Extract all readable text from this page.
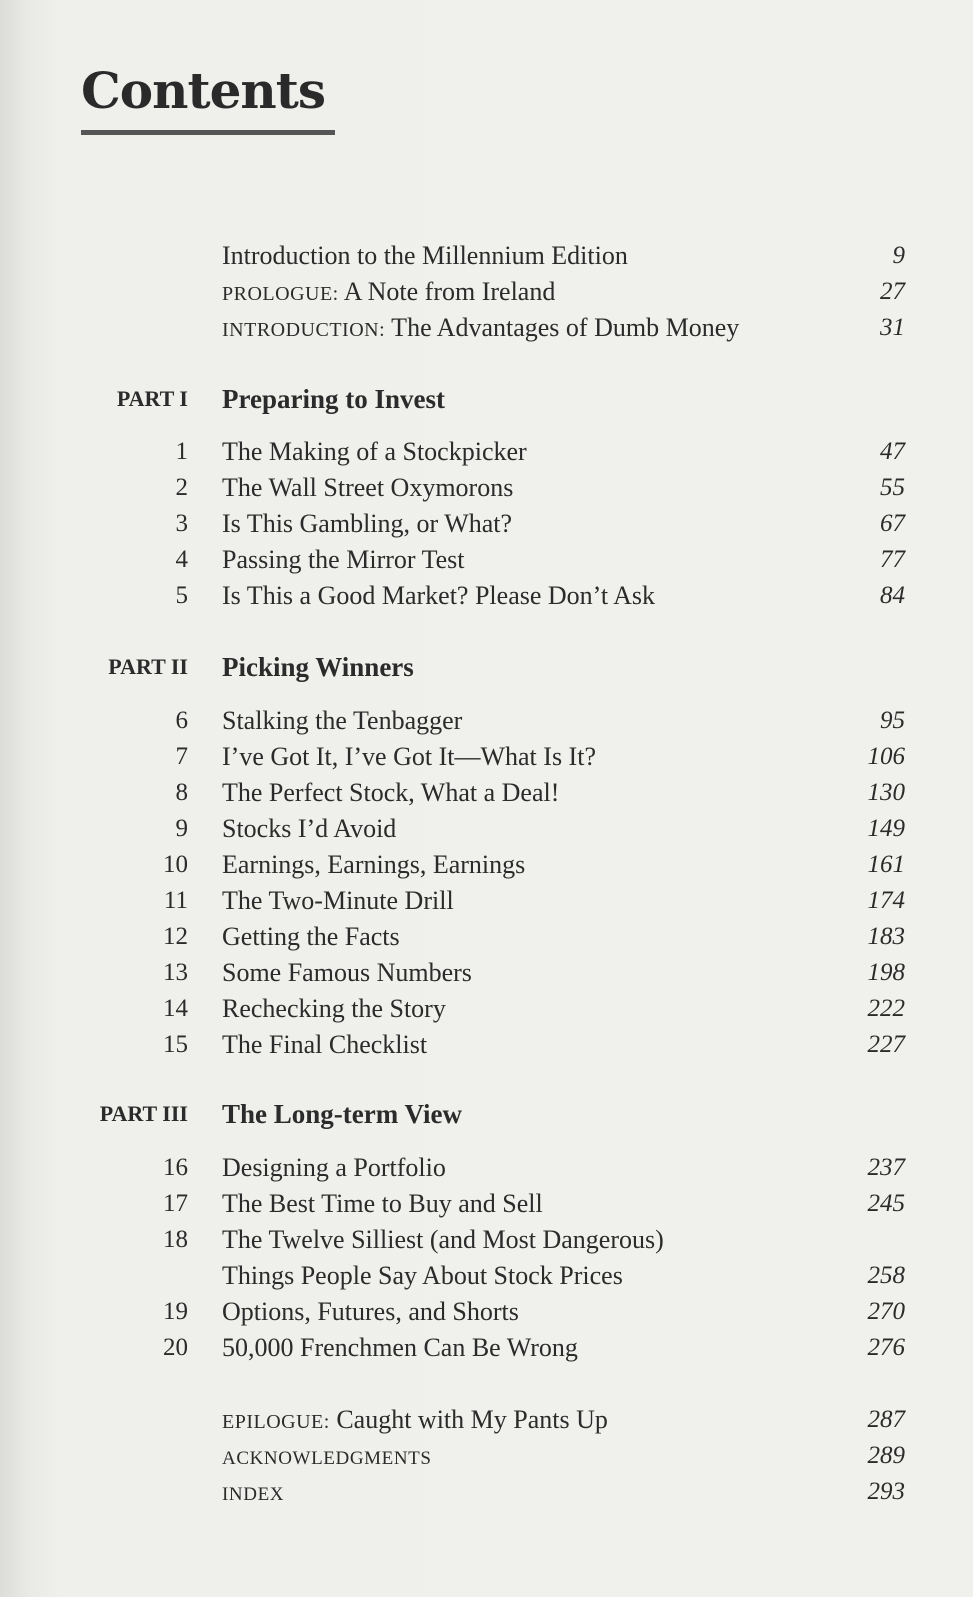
Contents
Introduction to the Millennium Edition	9
PROLOGUE: A Note from Ireland	27
INTRODUCTION: The Advantages of Dumb Money	31
PART I Preparing to Invest
1 The Making of a Stockpicker	47
2 The Wall Street Oxymorons	55
3 Is This Gambling, or What?	67
4 Passing the Mirror Test	77
5 Is This a Good Market? Please Don’t Ask	84
PART II Picking Winners
6 Stalking the Tenbagger	95
7 I’ve Got It, I’ve Got It—What Is It?	106
8 The Perfect Stock, What a Deal!	130
9 Stocks I’d Avoid	149
10 Earnings, Earnings, Earnings	161
11 The Two-Minute Drill	174
12 Getting the Facts	183
13 Some Famous Numbers	198
14 Rechecking the Story	222
15 The Final Checklist	227
PART III The Long-term View
16 Designing a Portfolio	237
17 The Best Time to Buy and Sell	245
18 The Twelve Silliest (and Most Dangerous)
Things People Say About Stock Prices	258
19 Options, Futures, and Shorts	270
20 50,000 Frenchmen Can Be Wrong	276
EPILOGUE: Caught with My Pants Up	287
ACKNOWLEDGMENTS	289
INDEX	293
